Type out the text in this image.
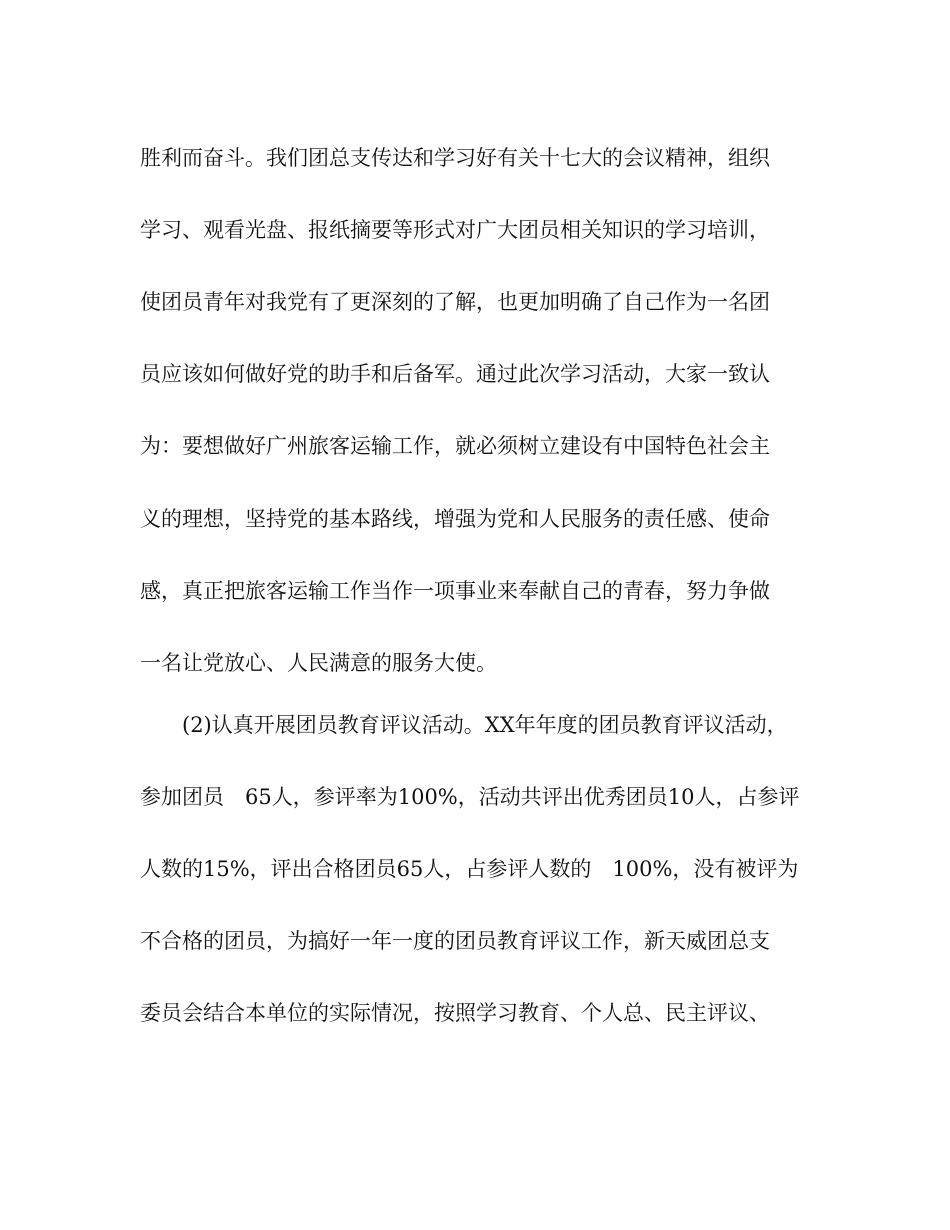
胜利而奋斗。我们团总支传达和学习好有关十七大的会议精神，组织
学习、观看光盘、报纸摘要等形式对广大团员相关知识的学习培训，
使团员青年对我党有了更深刻的了解，也更加明确了自己作为一名团
员应该如何做好党的助手和后备军。通过此次学习活动，大家一致认
为：要想做好广州旅客运输工作，就必须树立建设有中国特色社会主
义的理想，坚持党的基本路线，增强为党和人民服务的责任感、使命
感，真正把旅客运输工作当作一项事业来奉献自己的青春，努力争做
一名让党放心、人民满意的服务大使。
(2)认真开展团员教育评议活动。XX年年度的团员教育评议活动，
参加团员　65人，参评率为100%，活动共评出优秀团员10人，占参评
人数的15%，评出合格团员65人，占参评人数的　100%，没有被评为
不合格的团员，为搞好一年一度的团员教育评议工作，新天威团总支
委员会结合本单位的实际情况，按照学习教育、个人总、民主评议、
